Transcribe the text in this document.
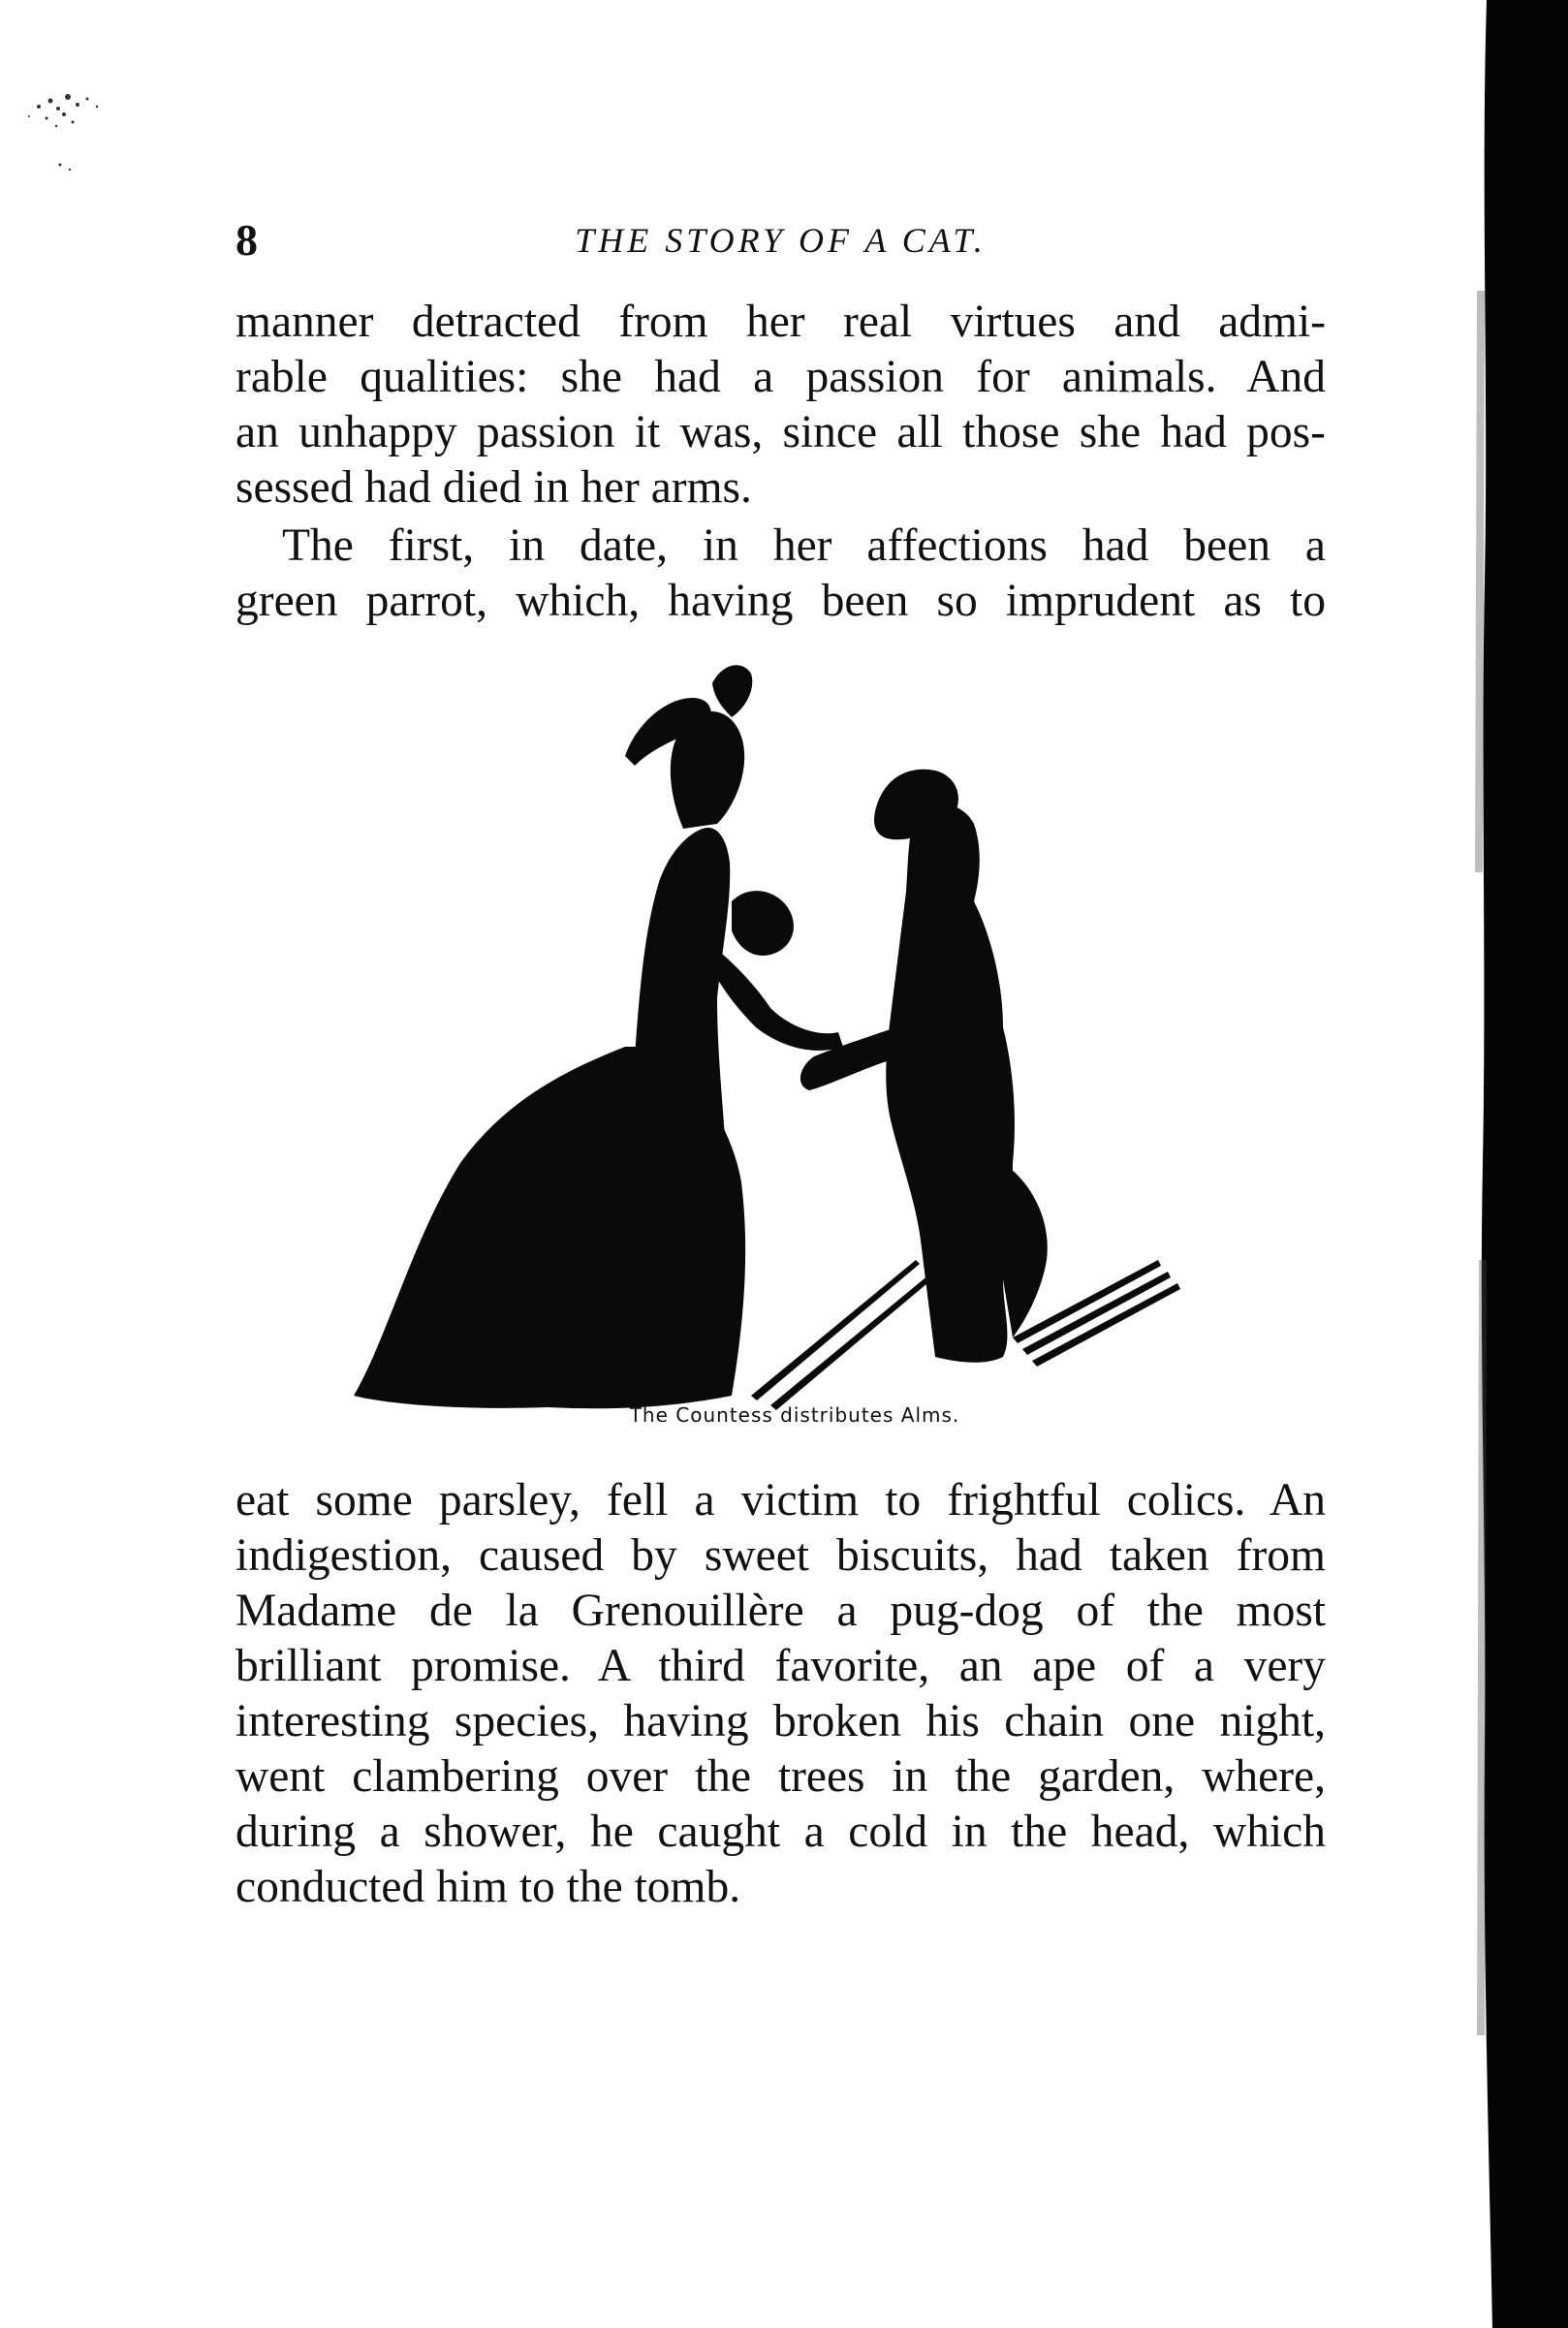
8	THE STORY OF A CAT.
manner detracted from her real virtues and admi-
rable qualities: she had a passion for animals. And
an unhappy passion it was, since all those she had pos-
sessed had died in her arms.
The first, in date, in her affections had been a
green parrot, which, having been so imprudent as to
The Countess distributes Alms.
eat some parsley, fell a victim to frightful colics. An
indigestion, caused by sweet biscuits, had taken from
Madame de la Grenouillère a pug-dog of the most
brilliant promise. A third favorite, an ape of a very
interesting species, having broken his chain one night,
went clambering over the trees in the garden, where,
during a shower, he caught a cold in the head, which
conducted him to the tomb.
